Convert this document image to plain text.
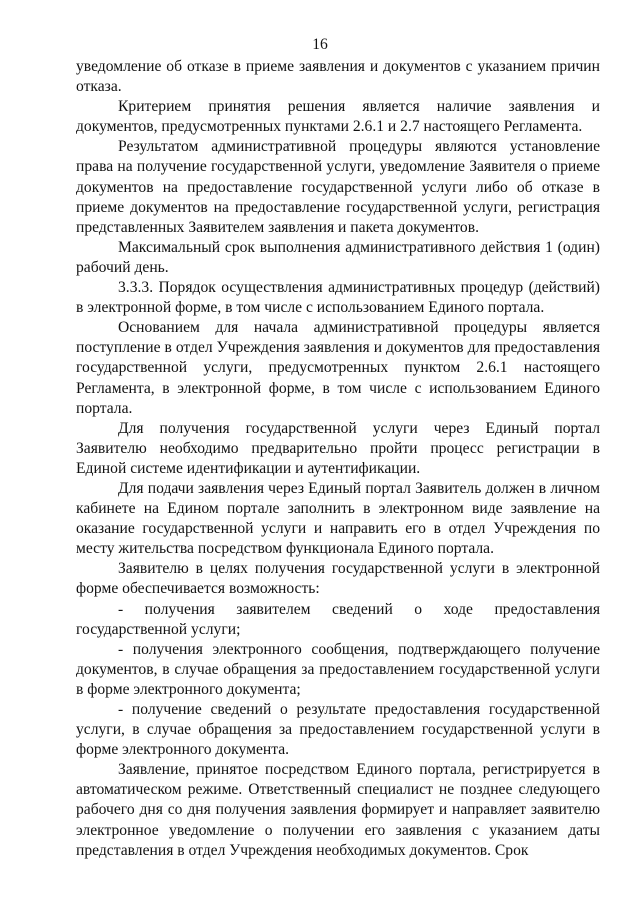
16

уведомление об отказе в приеме заявления и документов с указанием причин отказа.

Критерием принятия решения является наличие заявления и документов, предусмотренных пунктами 2.6.1 и 2.7 настоящего Регламента.

Результатом административной процедуры являются установление права на получение государственной услуги, уведомление Заявителя о приеме документов на предоставление государственной услуги либо об отказе в приеме документов на предоставление государственной услуги, регистрация представленных Заявителем заявления и пакета документов.

Максимальный срок выполнения административного действия 1 (один) рабочий день.

3.3.3. Порядок осуществления административных процедур (действий) в электронной форме, в том числе с использованием Единого портала.

Основанием для начала административной процедуры является поступление в отдел Учреждения заявления и документов для предоставления государственной услуги, предусмотренных пунктом 2.6.1 настоящего Регламента, в электронной форме, в том числе с использованием Единого портала.

Для получения государственной услуги через Единый портал Заявителю необходимо предварительно пройти процесс регистрации в Единой системе идентификации и аутентификации.

Для подачи заявления через Единый портал Заявитель должен в личном кабинете на Едином портале заполнить в электронном виде заявление на оказание государственной услуги и направить его в отдел Учреждения по месту жительства посредством функционала Единого портала.

Заявителю в целях получения государственной услуги в электронной форме обеспечивается возможность:

- получения заявителем сведений о ходе предоставления государственной услуги;

- получения электронного сообщения, подтверждающего получение документов, в случае обращения за предоставлением государственной услуги в форме электронного документа;

- получение сведений о результате предоставления государственной услуги, в случае обращения за предоставлением государственной услуги в форме электронного документа.

Заявление, принятое посредством Единого портала, регистрируется в автоматическом режиме. Ответственный специалист не позднее следующего рабочего дня со дня получения заявления формирует и направляет заявителю электронное уведомление о получении его заявления с указанием даты представления в отдел Учреждения необходимых документов. Срок
